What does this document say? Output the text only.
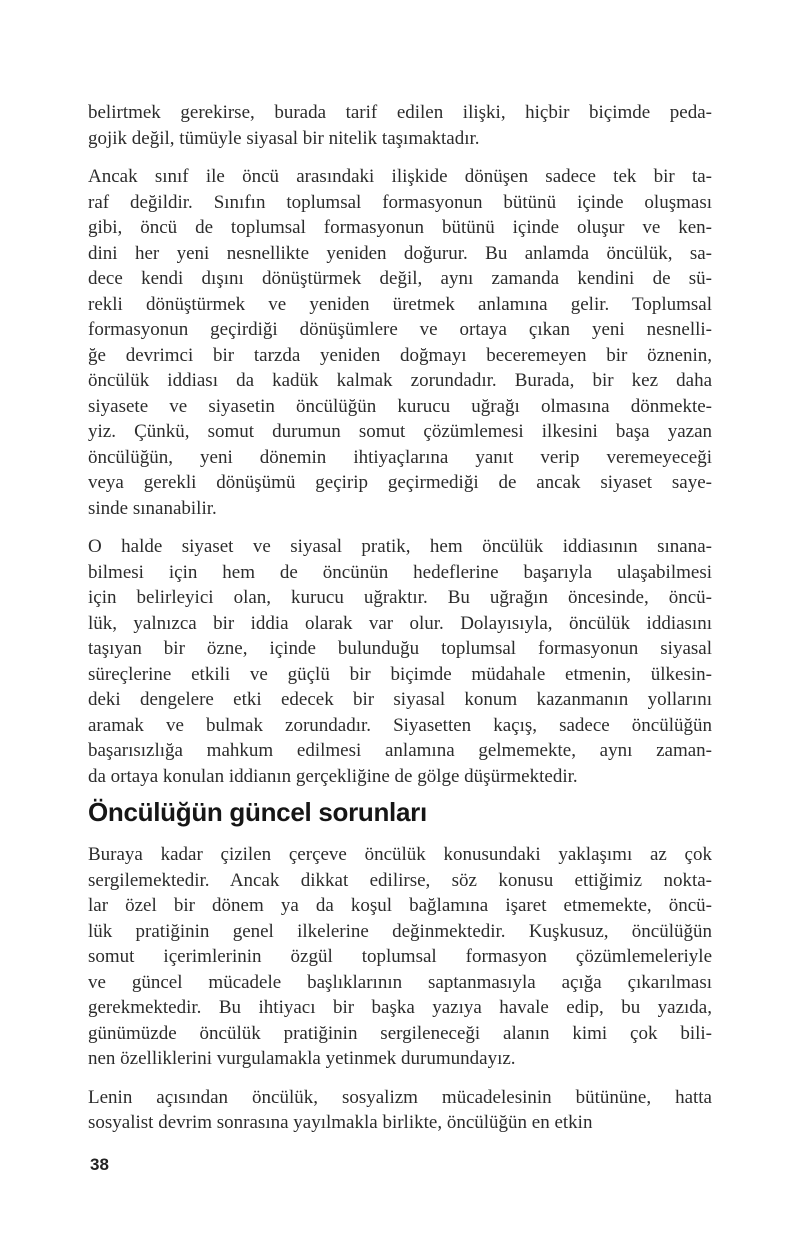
belirtmek gerekirse, burada tarif edilen ilişki, hiçbir biçimde peda-
gojik değil, tümüyle siyasal bir nitelik taşımaktadır.
Ancak sınıf ile öncü arasındaki ilişkide dönüşen sadece tek bir ta-
raf değildir. Sınıfın toplumsal formasyonun bütünü içinde oluşması
gibi, öncü de toplumsal formasyonun bütünü içinde oluşur ve ken-
dini her yeni nesnellikte yeniden doğurur. Bu anlamda öncülük, sa-
dece kendi dışını dönüştürmek değil, aynı zamanda kendini de sü-
rekli dönüştürmek ve yeniden üretmek anlamına gelir. Toplumsal
formasyonun geçirdiği dönüşümlere ve ortaya çıkan yeni nesnelli-
ğe devrimci bir tarzda yeniden doğmayı beceremeyen bir öznenin,
öncülük iddiası da kadük kalmak zorundadır. Burada, bir kez daha
siyasete ve siyasetin öncülüğün kurucu uğrağı olmasına dönmekte-
yiz. Çünkü, somut durumun somut çözümlemesi ilkesini başa yazan
öncülüğün, yeni dönemin ihtiyaçlarına yanıt verip veremeyeceği
veya gerekli dönüşümü geçirip geçirmediği de ancak siyaset saye-
sinde sınanabilir.
O halde siyaset ve siyasal pratik, hem öncülük iddiasının sınana-
bilmesi için hem de öncünün hedeflerine başarıyla ulaşabilmesi
için belirleyici olan, kurucu uğraktır. Bu uğrağın öncesinde, öncü-
lük, yalnızca bir iddia olarak var olur. Dolayısıyla, öncülük iddiasını
taşıyan bir özne, içinde bulunduğu toplumsal formasyonun siyasal
süreçlerine etkili ve güçlü bir biçimde müdahale etmenin, ülkesin-
deki dengelere etki edecek bir siyasal konum kazanmanın yollarını
aramak ve bulmak zorundadır. Siyasetten kaçış, sadece öncülüğün
başarısızlığa mahkum edilmesi anlamına gelmemekte, aynı zaman-
da ortaya konulan iddianın gerçekliğine de gölge düşürmektedir.
Öncülüğün güncel sorunları
Buraya kadar çizilen çerçeve öncülük konusundaki yaklaşımı az çok
sergilemektedir. Ancak dikkat edilirse, söz konusu ettiğimiz nokta-
lar özel bir dönem ya da koşul bağlamına işaret etmemekte, öncü-
lük pratiğinin genel ilkelerine değinmektedir. Kuşkusuz, öncülüğün
somut içerimlerinin özgül toplumsal formasyon çözümlemeleriyle
ve güncel mücadele başlıklarının saptanmasıyla açığa çıkarılması
gerekmektedir. Bu ihtiyacı bir başka yazıya havale edip, bu yazıda,
günümüzde öncülük pratiğinin sergileneceği alanın kimi çok bili-
nen özelliklerini vurgulamakla yetinmek durumundayız.
Lenin açısından öncülük, sosyalizm mücadelesinin bütününe, hatta
sosyalist devrim sonrasına yayılmakla birlikte, öncülüğün en etkin
38
